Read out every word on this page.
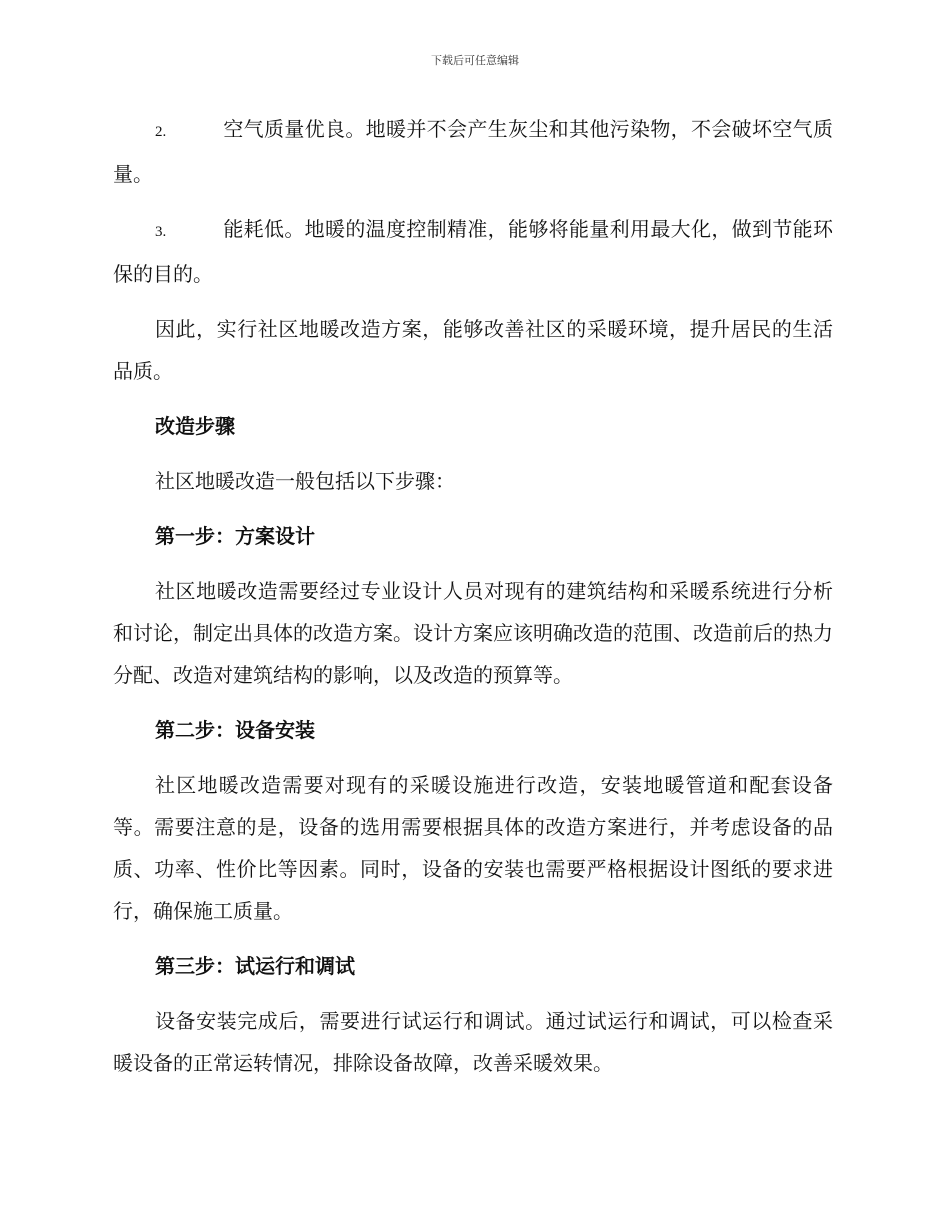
下载后可任意编辑

2.	空气质量优良。地暖并不会产生灰尘和其他污染物，不会破坏空气质量。

3.	能耗低。地暖的温度控制精准，能够将能量利用最大化，做到节能环保的目的。

因此，实行社区地暖改造方案，能够改善社区的采暖环境，提升居民的生活品质。

改造步骤

社区地暖改造一般包括以下步骤：

第一步：方案设计

社区地暖改造需要经过专业设计人员对现有的建筑结构和采暖系统进行分析和讨论，制定出具体的改造方案。设计方案应该明确改造的范围、改造前后的热力分配、改造对建筑结构的影响，以及改造的预算等。

第二步：设备安装

社区地暖改造需要对现有的采暖设施进行改造，安装地暖管道和配套设备等。需要注意的是，设备的选用需要根据具体的改造方案进行，并考虑设备的品质、功率、性价比等因素。同时，设备的安装也需要严格根据设计图纸的要求进行，确保施工质量。

第三步：试运行和调试

设备安装完成后，需要进行试运行和调试。通过试运行和调试，可以检查采暖设备的正常运转情况，排除设备故障，改善采暖效果。
